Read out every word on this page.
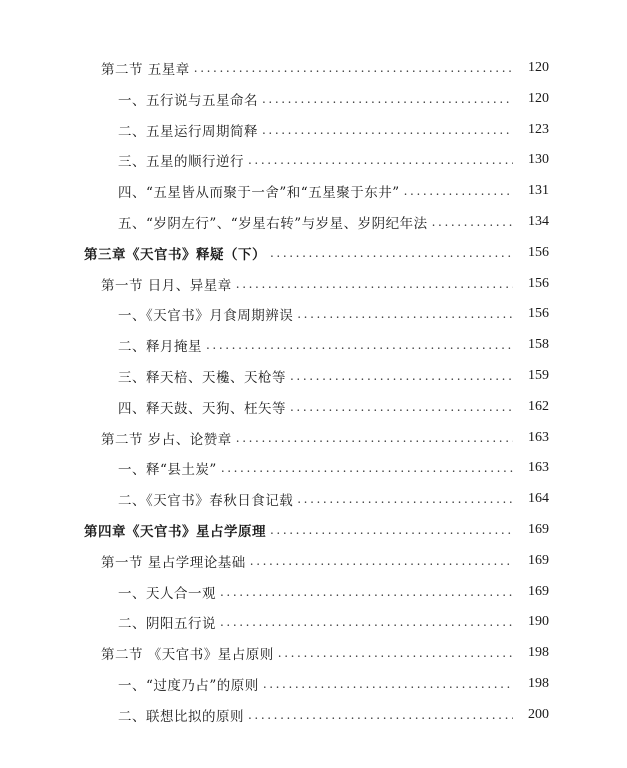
第二节 五星章 .....	120
一、五行说与五星命名 .....	120
二、五星运行周期简释 .....	123
三、五星的顺行逆行 .....	130
四、“五星皆从而聚于一舍”和“五星聚于东井” .....	131
五、“岁阴左行”、“岁星右转”与岁星、岁阴纪年法 .....	134
第三章《天官书》释疑（下） .....	156
第一节 日月、异星章 .....	156
一、《天官书》月食周期辨误 .....	156
二、释月掩星 .....	158
三、释天棓、天欃、天枪等 .....	159
四、释天鼓、天狗、枉矢等 .....	162
第二节 岁占、论赞章 .....	163
一、释“县土炭” .....	163
二、《天官书》春秋日食记载 .....	164
第四章《天官书》星占学原理 .....	169
第一节 星占学理论基础 .....	169
一、天人合一观 .....	169
二、阴阳五行说 .....	190
第二节 《天官书》星占原则 .....	198
一、“过度乃占”的原则 .....	198
二、联想比拟的原则 .....	200
